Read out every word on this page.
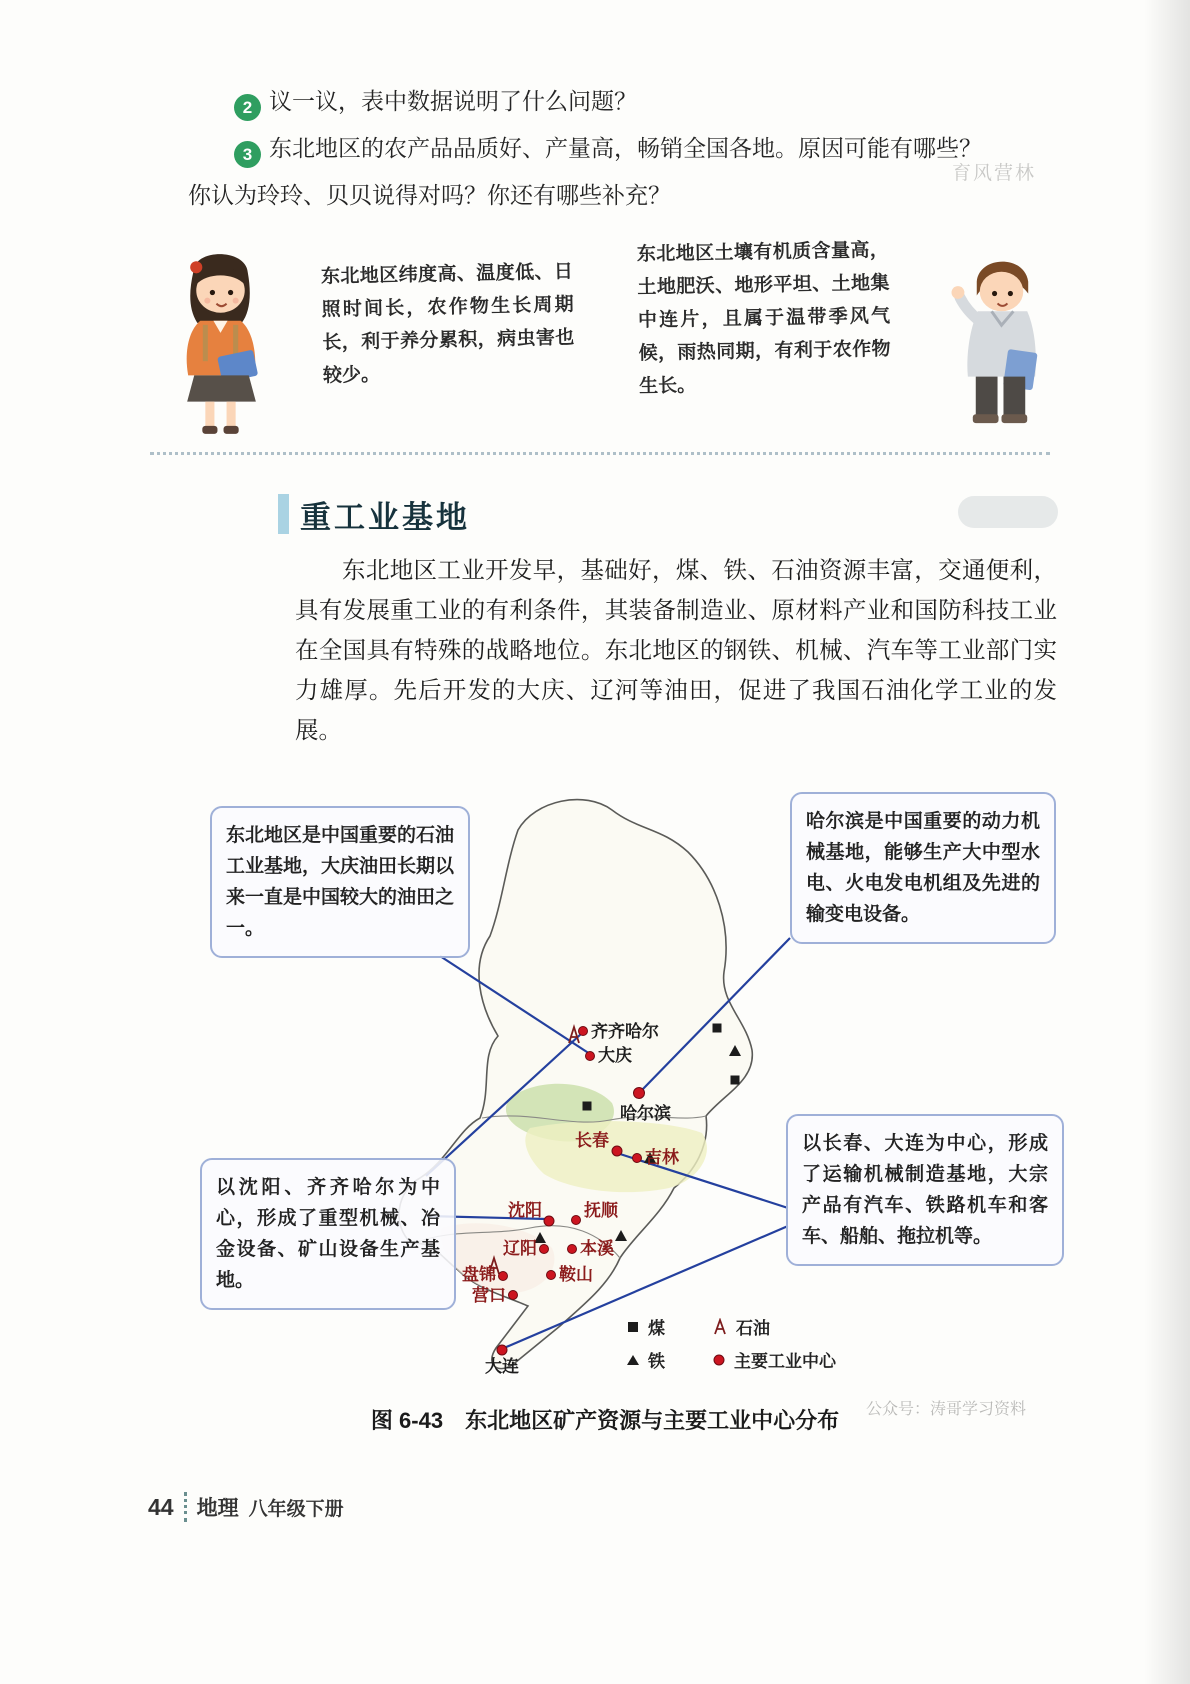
育风营林
2 议一议，表中数据说明了什么问题？
3 东北地区的农产品品质好、产量高，畅销全国各地。原因可能有哪些？
你认为玲玲、贝贝说得对吗？你还有哪些补充？
东北地区纬度高、温度低、日照时间长，农作物生长周期长，利于养分累积，病虫害也较少。
东北地区土壤有机质含量高，土地肥沃、地形平坦、土地集中连片，且属于温带季风气候，雨热同期，有利于农作物生长。
重工业基地
东北地区工业开发早，基础好，煤、铁、石油资源丰富，交通便利，具有发展重工业的有利条件，其装备制造业、原材料产业和国防科技工业在全国具有特殊的战略地位。东北地区的钢铁、机械、汽车等工业部门实力雄厚。先后开发的大庆、辽河等油田，促进了我国石油化学工业的发展。
齐齐哈尔
大庆
哈尔滨
长春
吉林
沈阳 抚顺
辽阳	本溪
盘锦	鞍山
营口
大连
东北地区是中国重要的石油工业基地，大庆油田长期以来一直是中国较大的油田之一。
哈尔滨是中国重要的动力机械基地，能够生产大中型水电、火电发电机组及先进的输变电设备。
以沈阳、齐齐哈尔为中心，形成了重型机械、冶金设备、矿山设备生产基地。
以长春、大连为中心，形成了运输机械制造基地，大宗产品有汽车、铁路机车和客车、船舶、拖拉机等。
煤	石油
铁	主要工业中心
图 6-43　东北地区矿产资源与主要工业中心分布	公众号：涛哥学习资料
44 地理 八年级下册
